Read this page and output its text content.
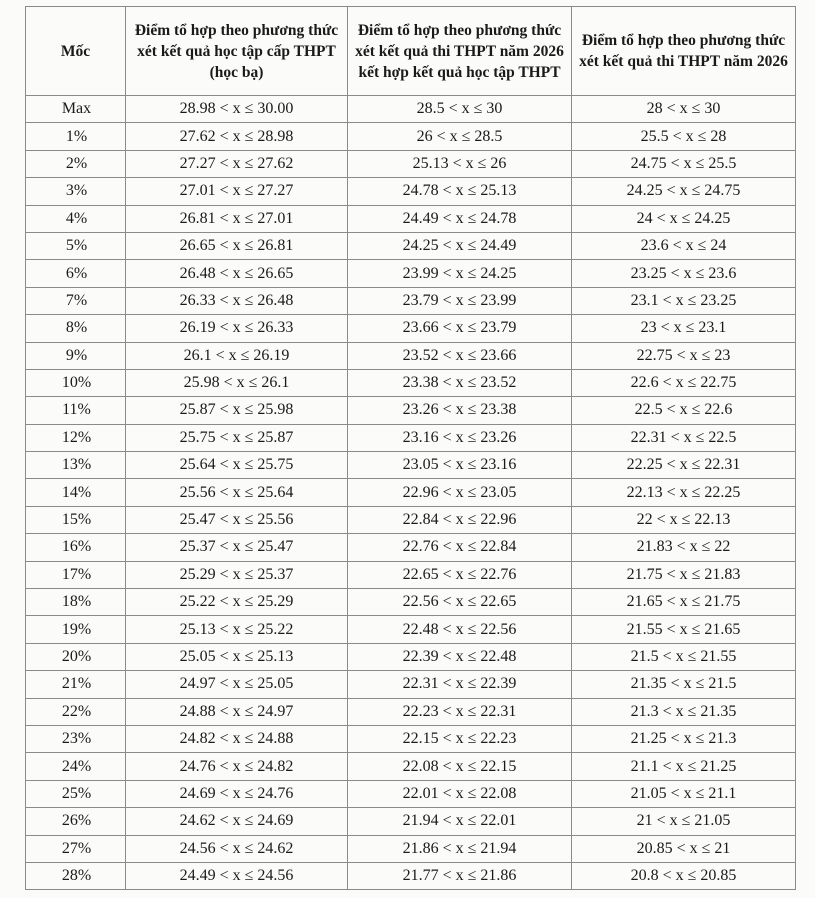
Mốc	Điểm tổ hợp theo phương thức xét kết quả học tập cấp THPT (học bạ)	Điểm tổ hợp theo phương thức xét kết quả thi THPT năm 2026 kết hợp kết quả học tập THPT	Điểm tổ hợp theo phương thức xét kết quả thi THPT năm 2026
Max	28.98 < x ≤ 30.00	28.5 < x ≤ 30	28 < x ≤ 30
1%	27.62 < x ≤ 28.98	26 < x ≤ 28.5	25.5 < x ≤ 28
2%	27.27 < x ≤ 27.62	25.13 < x ≤ 26	24.75 < x ≤ 25.5
3%	27.01 < x ≤ 27.27	24.78 < x ≤ 25.13	24.25 < x ≤ 24.75
4%	26.81 < x ≤ 27.01	24.49 < x ≤ 24.78	24 < x ≤ 24.25
5%	26.65 < x ≤ 26.81	24.25 < x ≤ 24.49	23.6 < x ≤ 24
6%	26.48 < x ≤ 26.65	23.99 < x ≤ 24.25	23.25 < x ≤ 23.6
7%	26.33 < x ≤ 26.48	23.79 < x ≤ 23.99	23.1 < x ≤ 23.25
8%	26.19 < x ≤ 26.33	23.66 < x ≤ 23.79	23 < x ≤ 23.1
9%	26.1 < x ≤ 26.19	23.52 < x ≤ 23.66	22.75 < x ≤ 23
10%	25.98 < x ≤ 26.1	23.38 < x ≤ 23.52	22.6 < x ≤ 22.75
11%	25.87 < x ≤ 25.98	23.26 < x ≤ 23.38	22.5 < x ≤ 22.6
12%	25.75 < x ≤ 25.87	23.16 < x ≤ 23.26	22.31 < x ≤ 22.5
13%	25.64 < x ≤ 25.75	23.05 < x ≤ 23.16	22.25 < x ≤ 22.31
14%	25.56 < x ≤ 25.64	22.96 < x ≤ 23.05	22.13 < x ≤ 22.25
15%	25.47 < x ≤ 25.56	22.84 < x ≤ 22.96	22 < x ≤ 22.13
16%	25.37 < x ≤ 25.47	22.76 < x ≤ 22.84	21.83 < x ≤ 22
17%	25.29 < x ≤ 25.37	22.65 < x ≤ 22.76	21.75 < x ≤ 21.83
18%	25.22 < x ≤ 25.29	22.56 < x ≤ 22.65	21.65 < x ≤ 21.75
19%	25.13 < x ≤ 25.22	22.48 < x ≤ 22.56	21.55 < x ≤ 21.65
20%	25.05 < x ≤ 25.13	22.39 < x ≤ 22.48	21.5 < x ≤ 21.55
21%	24.97 < x ≤ 25.05	22.31 < x ≤ 22.39	21.35 < x ≤ 21.5
22%	24.88 < x ≤ 24.97	22.23 < x ≤ 22.31	21.3 < x ≤ 21.35
23%	24.82 < x ≤ 24.88	22.15 < x ≤ 22.23	21.25 < x ≤ 21.3
24%	24.76 < x ≤ 24.82	22.08 < x ≤ 22.15	21.1 < x ≤ 21.25
25%	24.69 < x ≤ 24.76	22.01 < x ≤ 22.08	21.05 < x ≤ 21.1
26%	24.62 < x ≤ 24.69	21.94 < x ≤ 22.01	21 < x ≤ 21.05
27%	24.56 < x ≤ 24.62	21.86 < x ≤ 21.94	20.85 < x ≤ 21
28%	24.49 < x ≤ 24.56	21.77 < x ≤ 21.86	20.8 < x ≤ 20.85
